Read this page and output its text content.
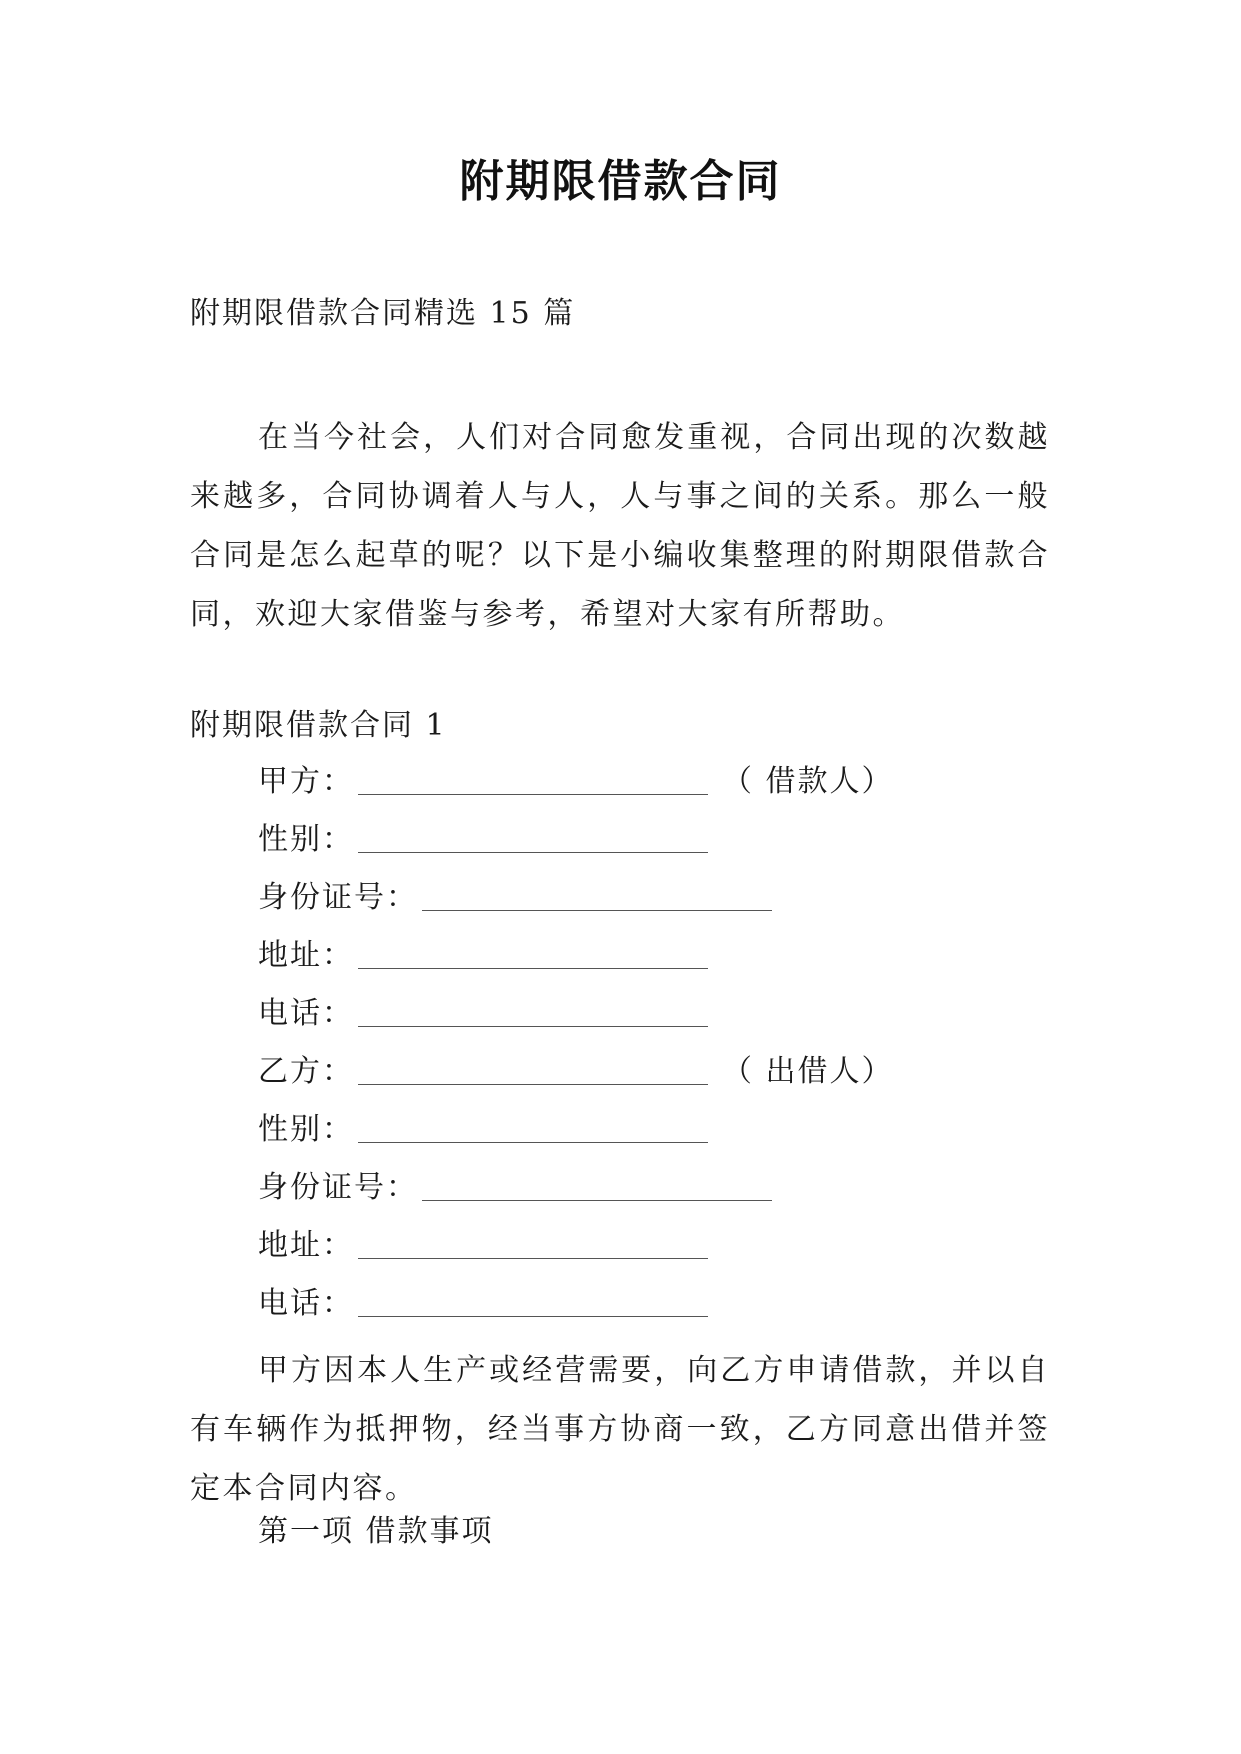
附期限借款合同
附期限借款合同精选 15 篇

在当今社会，人们对合同愈发重视，合同出现的次数越来越多，合同协调着人与人，人与事之间的关系。那么一般合同是怎么起草的呢？以下是小编收集整理的附期限借款合同，欢迎大家借鉴与参考，希望对大家有所帮助。

附期限借款合同 1
甲方：	（ 借款人）
性别：
身份证号：
地址：
电话：
乙方：	（ 出借人）
性别：
身份证号：
地址：
电话：

甲方因本人生产或经营需要，向乙方申请借款，并以自有车辆作为抵押物，经当事方协商一致，乙方同意出借并签定本合同内容。

第一项 借款事项
